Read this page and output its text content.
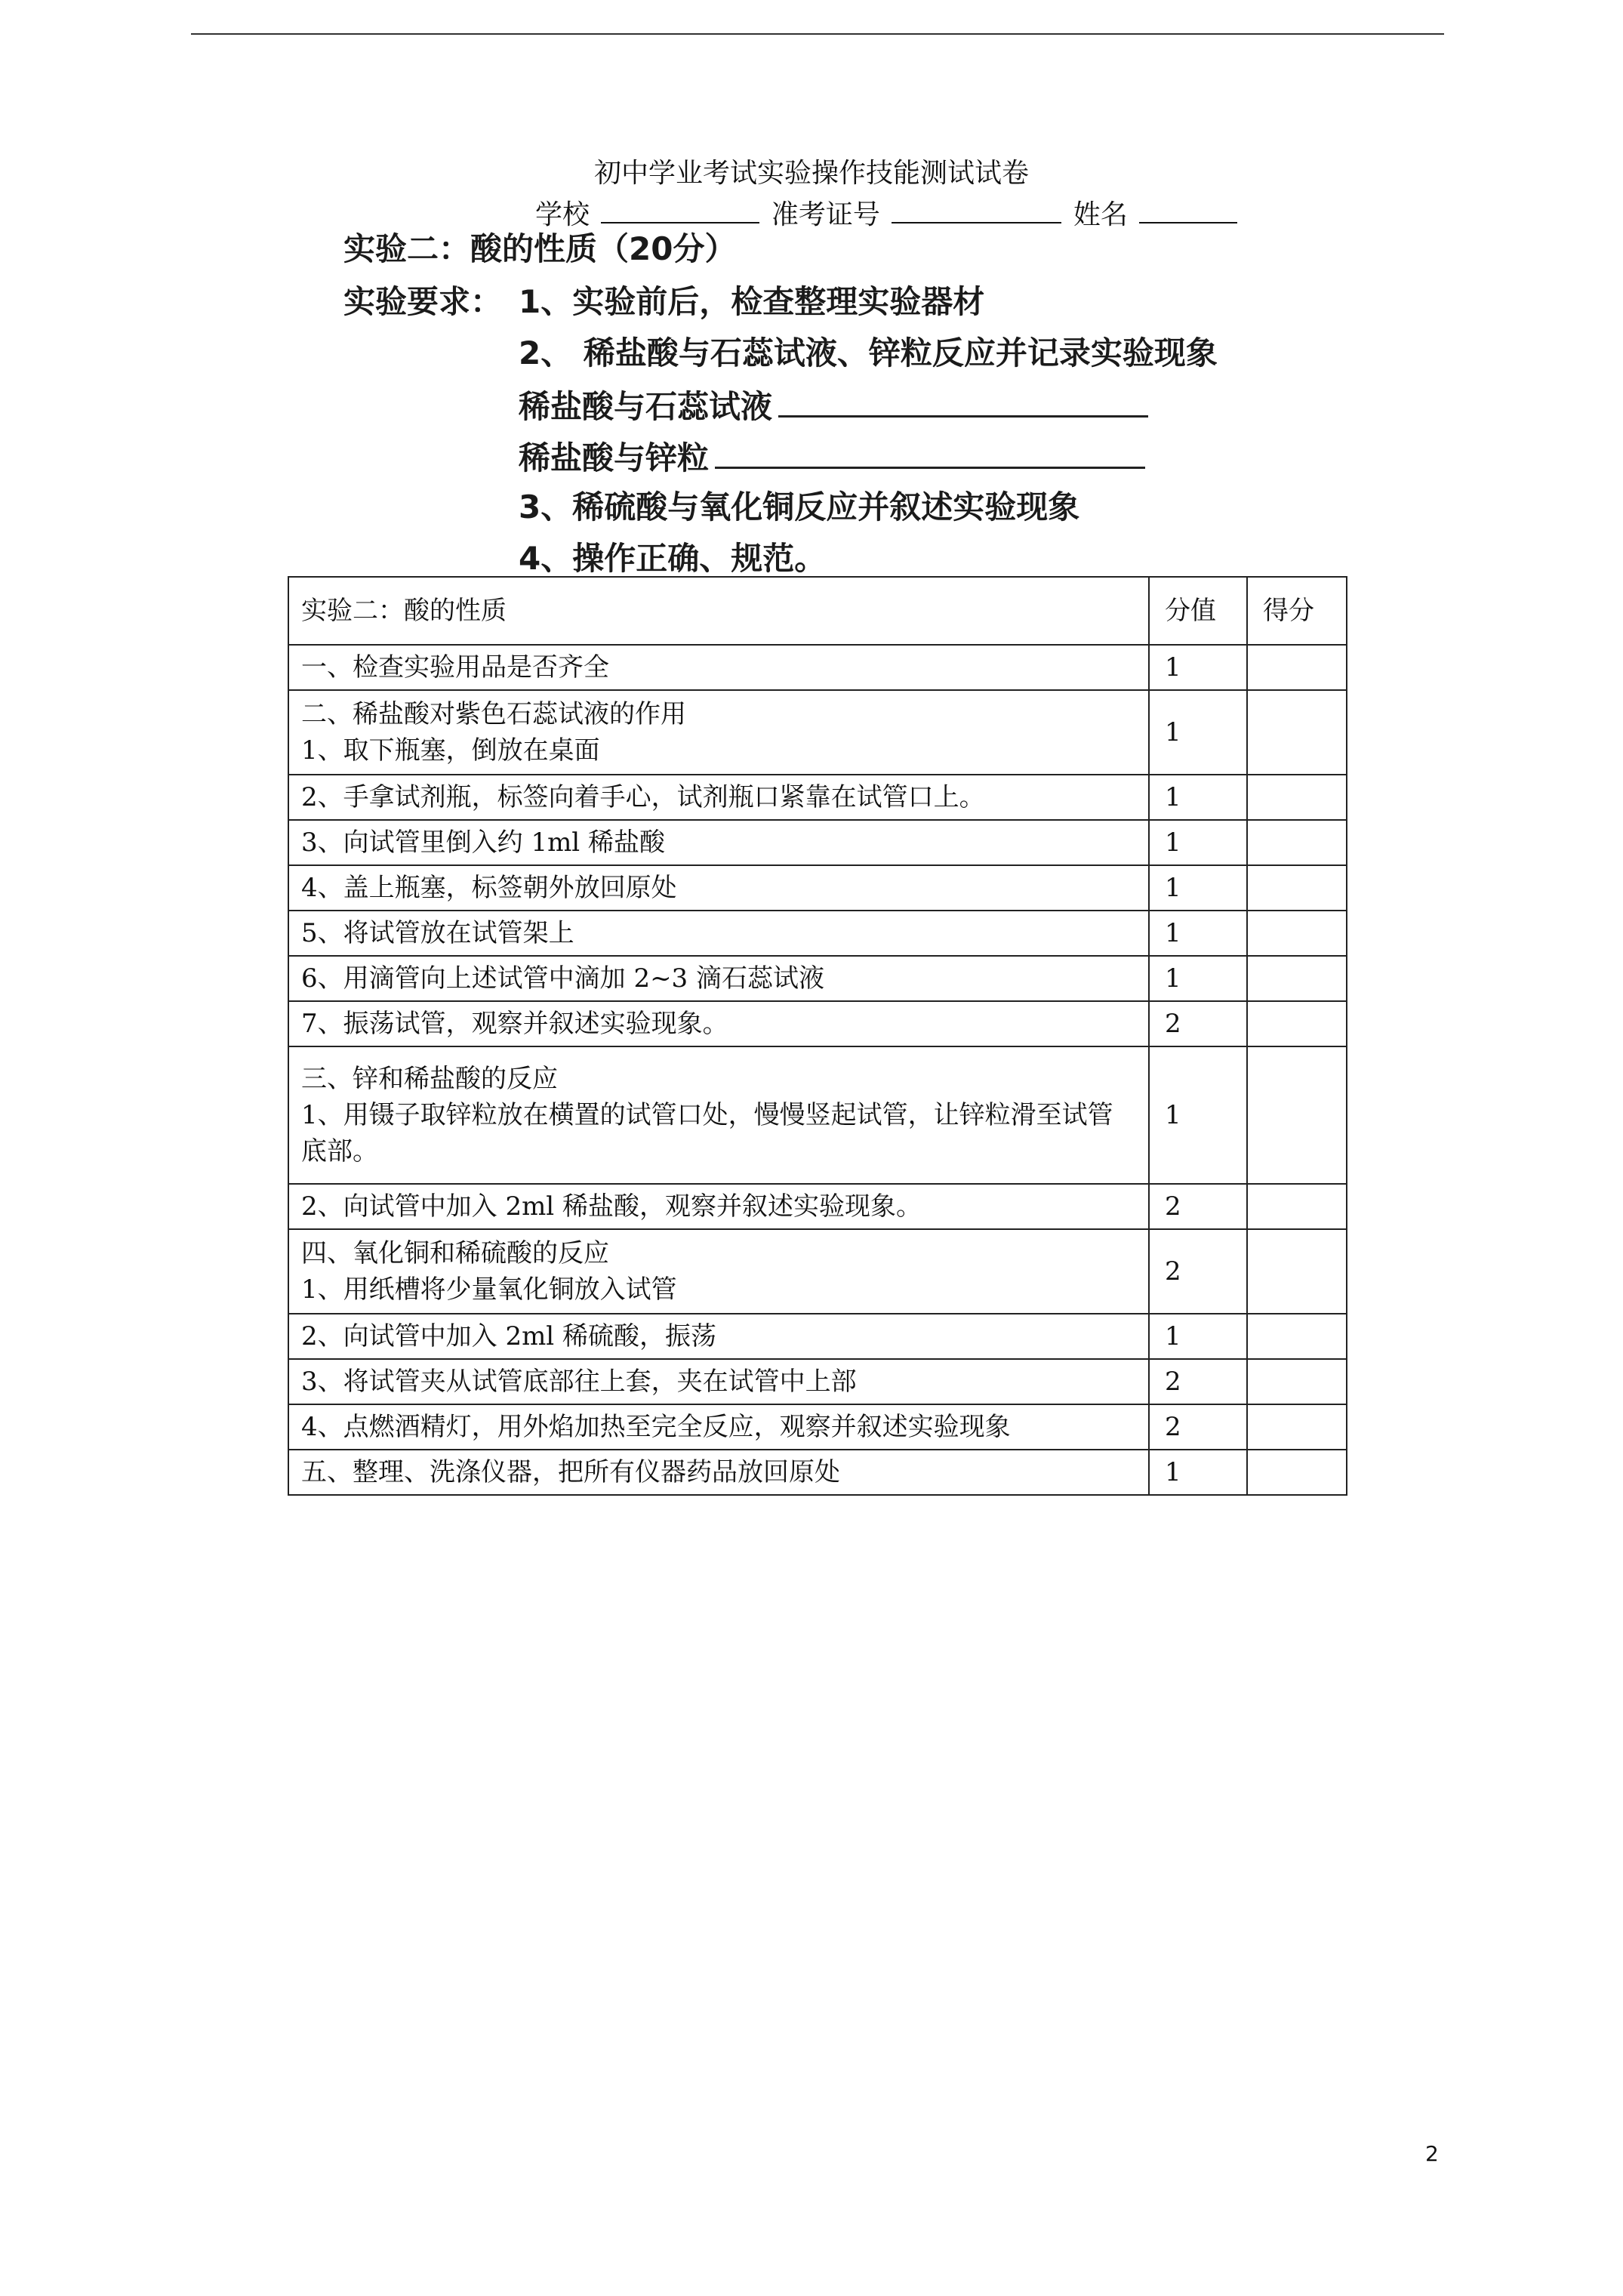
初中学业考试实验操作技能测试试卷
学校	准考证号	姓名
实验二：酸的性质（20分）
实验要求： 1、实验前后，检查整理实验器材
2、 稀盐酸与石蕊试液、锌粒反应并记录实验现象
稀盐酸与石蕊试液
稀盐酸与锌粒
3、稀硫酸与氧化铜反应并叙述实验现象
4、操作正确、规范。
实验二：酸的性质	分值	得分

一、检查实验用品是否齐全	1	

二、稀盐酸对紫色石蕊试液的作用
1、取下瓶塞，倒放在桌面	1	

2、手拿试剂瓶，标签向着手心，试剂瓶口紧靠在试管口上。	1	

3、向试管里倒入约 1ml 稀盐酸	1	

4、盖上瓶塞，标签朝外放回原处	1	

5、将试管放在试管架上	1	

6、用滴管向上述试管中滴加 2~3 滴石蕊试液	1	

7、振荡试管，观察并叙述实验现象。	2	

三、锌和稀盐酸的反应
1、用镊子取锌粒放在横置的试管口处，慢慢竖起试管，让锌粒滑至试管底部。	1	

2、向试管中加入 2ml 稀盐酸，观察并叙述实验现象。	2	

四、氧化铜和稀硫酸的反应
1、用纸槽将少量氧化铜放入试管	2	

2、向试管中加入 2ml 稀硫酸，振荡	1	

3、将试管夹从试管底部往上套，夹在试管中上部	2	

4、点燃酒精灯，用外焰加热至完全反应，观察并叙述实验现象	2	

五、整理、洗涤仪器，把所有仪器药品放回原处	1	
2
